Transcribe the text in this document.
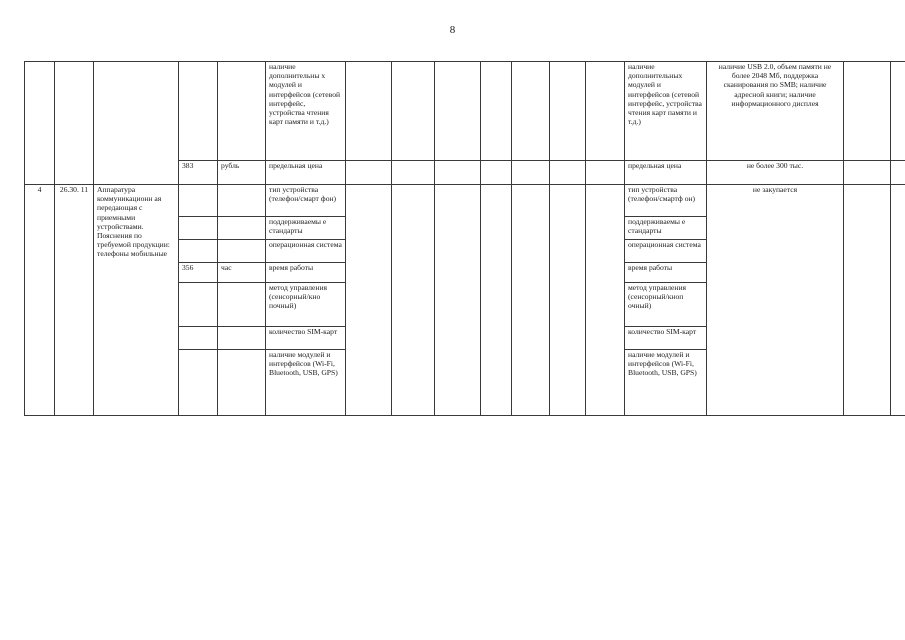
8

					наличие дополнительны х модулей и интерфейсов (сетевой интерфейс, устройства чтения карт памяти и т.д.)								наличие дополнительных модулей и интерфейсов (сетевой интерфейс, устройства чтения карт памяти и т.д.)	наличие USB 2.0, объем памяти не более 2048 Мб, поддержка сканирования по SMB; наличие адресной книги; наличие информационного дисплея		

			383	рубль	предельная цена								предельная цена	не более 300 тыс.		
4	26.30. 11	Аппаратура коммуникационн ая передающая с приемными устройствами. Пояснения по требуемой продукции: телефоны мобильные			тип устройства (телефон/смарт фон)								тип устройства (телефон/смартф он)	не закупается		
					поддерживаемы е стандарты								поддерживаемы е стандарты			
					операционная система								операционная система			
			356	час	время работы								время работы			
					метод управления (сенсорный/кно почный)								метод управления (сенсорный/кноп очный)			
					количество SIM-карт								количество SIM-карт			
					наличие модулей и интерфейсов (Wi-Fi, Bluetooth, USB, GPS)								наличие модулей и интерфейсов (Wi-Fi, Bluetooth, USB, GPS)			
